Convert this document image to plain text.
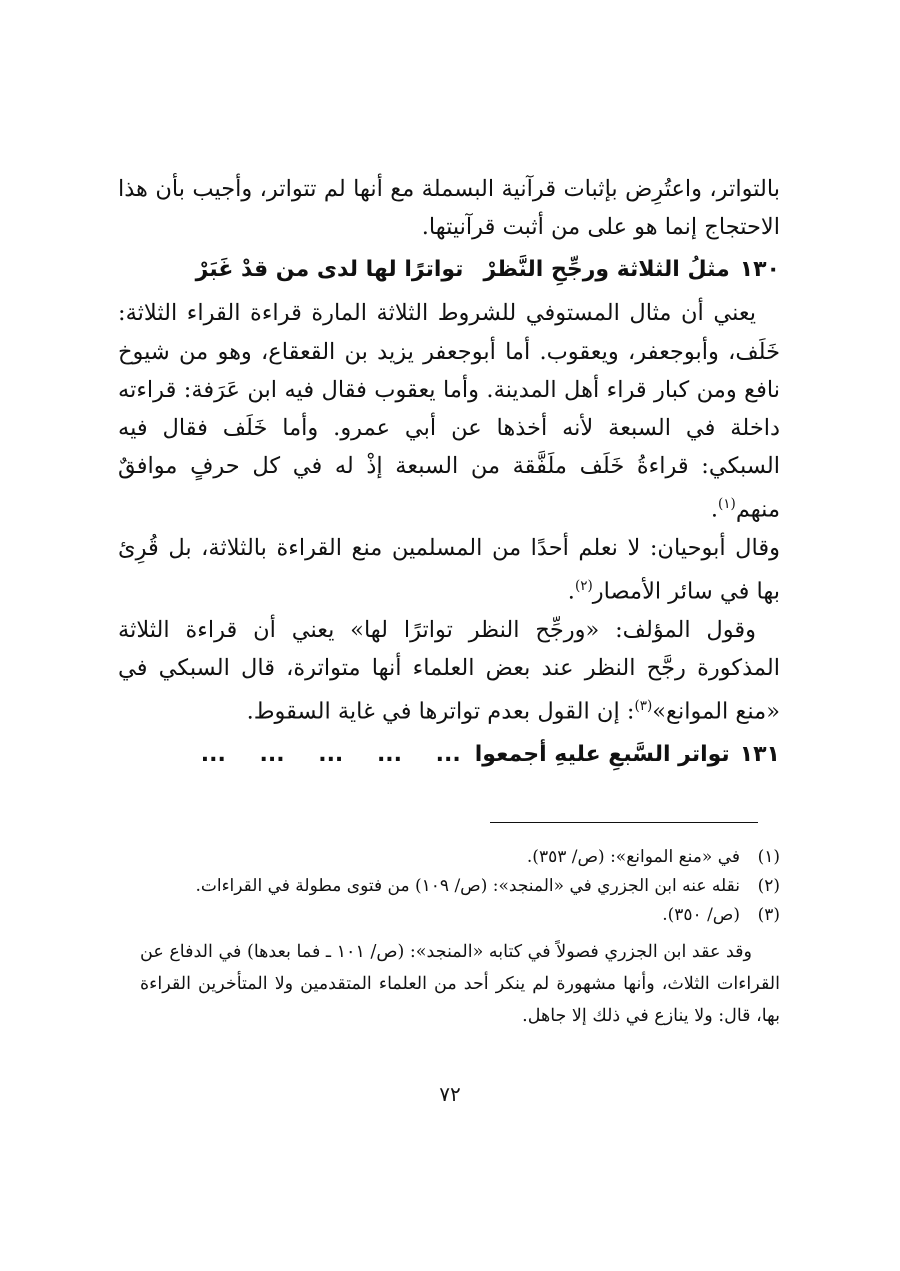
بالتواتر، واعتُرِض بإثبات قرآنية البسملة مع أنها لم تتواتر، وأجيب بأن هذا الاحتجاج إنما هو على من أثبت قرآنيتها.

١٣٠مثلُ الثلاثة ورجِّحِ النَّظرْتواترًا لها لدى من قدْ غَبَرْ

يعني أن مثال المستوفي للشروط الثلاثة المارة قراءة القراء الثلاثة: خَلَف، وأبوجعفر، ويعقوب. أما أبوجعفر يزيد بن القعقاع، وهو من شيوخ نافع ومن كبار قراء أهل المدينة. وأما يعقوب فقال فيه ابن عَرَفة: قراءته داخلة في السبعة لأنه أخذها عن أبي عمرو. وأما خَلَف فقال فيه السبكي: قراءةُ خَلَف ملَفَّقة من السبعة إذْ له في كل حرفٍ موافقٌ منهم$^{(١)}$.

وقال أبوحيان: لا نعلم أحدًا من المسلمين منع القراءة بالثلاثة، بل قُرِئ بها في سائر الأمصار$^{(٢)}$.

وقول المؤلف: «ورجِّح النظر تواترًا لها» يعني أن قراءة الثلاثة المذكورة رجَّح النظر عند بعض العلماء أنها متواترة، قال السبكي في «منع الموانع»$^{(٣)}$: إن القول بعدم تواترها في غاية السقوط.

١٣١تواتر السَّبعِ عليهِ أجمعوا... ... ... ... ...
(١)
في «منع الموانع»: (ص/ ٣٥٣).
(٢)
نقله عنه ابن الجزري في «المنجد»: (ص/ ١٠٩) من فتوى مطولة في القراءات.
(٣)
(ص/ ٣٥٠).

وقد عقد ابن الجزري فصولاً في كتابه «المنجد»: (ص/ ١٠١ ـ فما بعدها) في الدفاع عن القراءات الثلاث، وأنها مشهورة لم ينكر أحد من العلماء المتقدمين ولا المتأخرين القراءة بها، قال: ولا ينازع في ذلك إلا جاهل.

٧٢
